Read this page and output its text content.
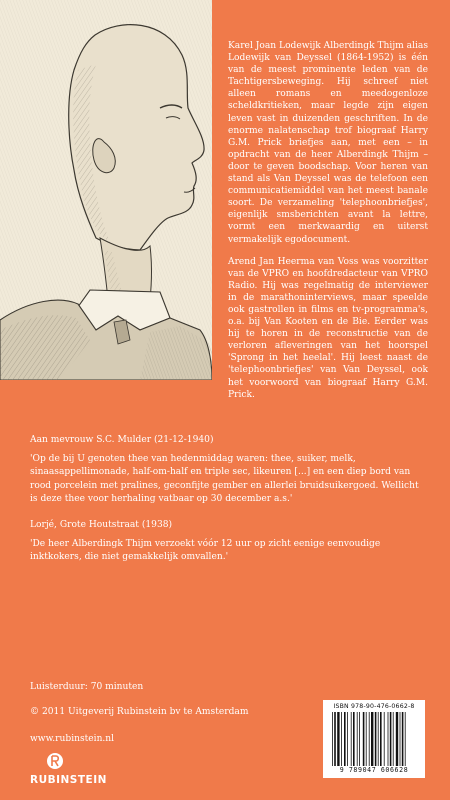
Karel Joan Lodewijk Alberdingk Thijm alias Lodewijk van Deyssel (1864-1952) is één van de meest prominente leden van de Tachtigersbeweging. Hij schreef niet alleen romans en meedogenloze scheldkritieken, maar legde zijn eigen leven vast in duizenden geschriften. In de enorme nalatenschap trof biograaf Harry G.M. Prick briefjes aan, met een – in opdracht van de heer Alberdingk Thijm – door te geven boodschap. Voor heren van stand als Van Deyssel was de telefoon een communicatiemiddel van het meest banale soort. De verzameling 'telephoonbriefjes', eigenlijk smsberichten avant la lettre, vormt een merkwaardig en uiterst vermakelijk egodocument.

Arend Jan Heerma van Voss was voorzitter van de VPRO en hoofdredacteur van VPRO Radio. Hij was regelmatig de interviewer in de marathoninterviews, maar speelde ook gastrollen in films en tv-programma's, o.a. bij Van Kooten en de Bie. Eerder was hij te horen in de reconstructie van de verloren afleveringen van het hoorspel 'Sprong in het heelal'. Hij leest naast de 'telephoonbriefjes' van Van Deyssel, ook het voorwoord van biograaf Harry G.M. Prick.

Aan mevrouw S.C. Mulder (21-12-1940)

'Op de bij U genoten thee van hedenmiddag waren: thee, suiker, melk, sinaasappellimonade, half-om-half en triple sec, likeuren [...] en een diep bord van rood porcelein met pralines, geconfijte gember en allerlei bruidsuikergoed. Wellicht is deze thee voor herhaling vatbaar op 30 december a.s.'

Lorjé, Grote Houtstraat (1938)

'De heer Alberdingk Thijm verzoekt vóór 12 uur op zicht eenige eenvoudige inktkokers, die niet gemakkelijk omvallen.'

Luisterduur: 70 minuten
© 2011 Uitgeverij Rubinstein bv te Amsterdam
www.rubinstein.nl
RUBINSTEIN
ISBN 978-90-476-0662-8
9 789047 606628
